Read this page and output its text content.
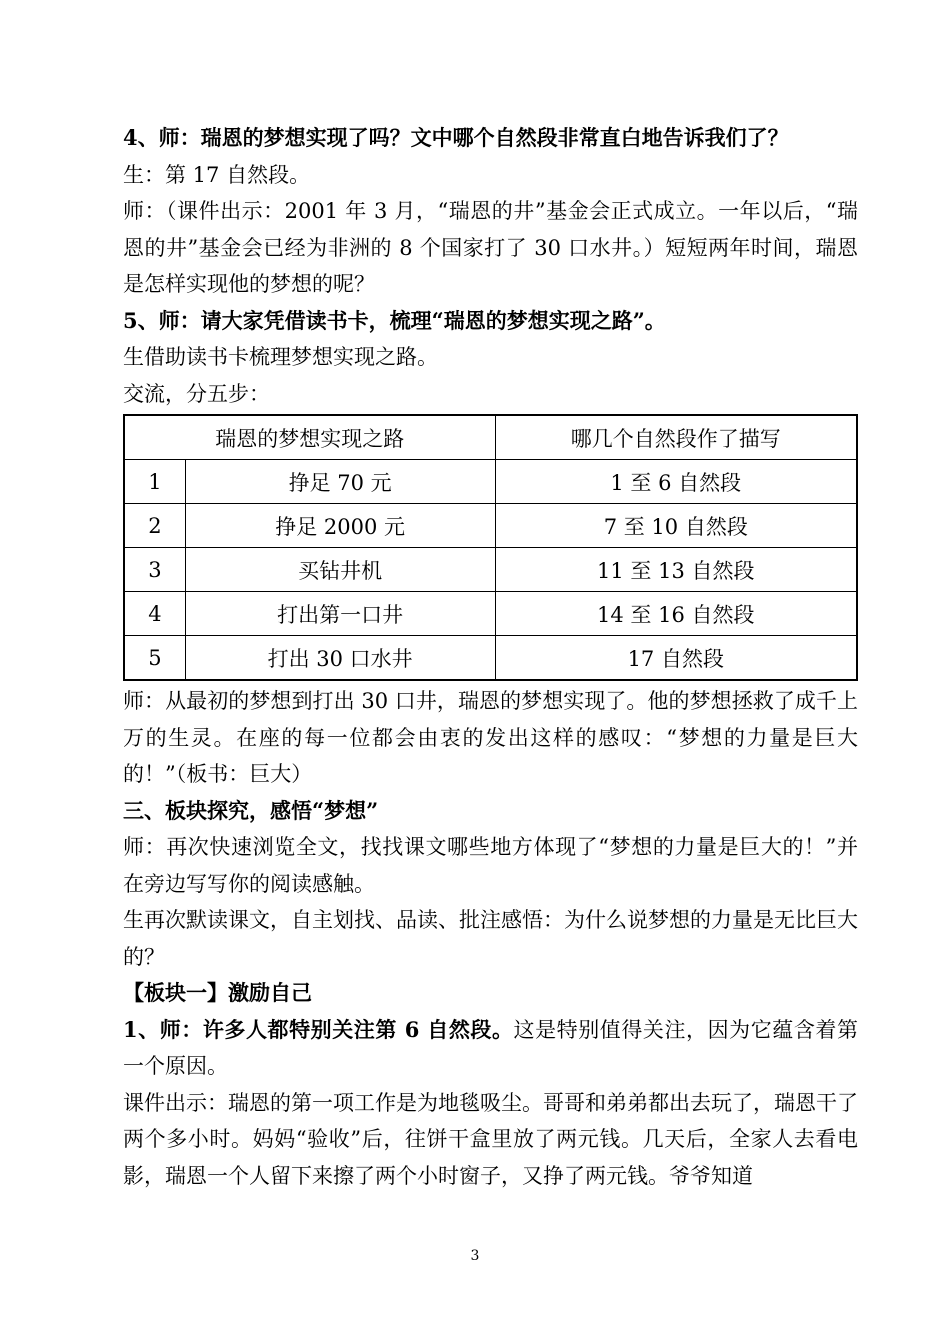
4、师：瑞恩的梦想实现了吗？文中哪个自然段非常直白地告诉我们了？

生：第 17 自然段。

师：（课件出示：2001 年 3 月，“瑞恩的井”基金会正式成立。一年以后，“瑞恩的井”基金会已经为非洲的 8 个国家打了 30 口水井。）短短两年时间，瑞恩是怎样实现他的梦想的呢？

5、师：请大家凭借读书卡，梳理“瑞恩的梦想实现之路”。

生借助读书卡梳理梦想实现之路。

交流，分五步：

瑞恩的梦想实现之路		哪几个自然段作了描写
1	挣足 70 元	1 至 6 自然段
2	挣足 2000 元	7 至 10 自然段
3	买钻井机	11 至 13 自然段
4	打出第一口井	14 至 16 自然段
5	打出 30 口水井	17 自然段

师：从最初的梦想到打出 30 口井，瑞恩的梦想实现了。他的梦想拯救了成千上万的生灵。在座的每一位都会由衷的发出这样的感叹：“梦想的力量是巨大的！”（板书：巨大）

三、板块探究，感悟“梦想”

师：再次快速浏览全文，找找课文哪些地方体现了“梦想的力量是巨大的！”并在旁边写写你的阅读感触。

生再次默读课文，自主划找、品读、批注感悟：为什么说梦想的力量是无比巨大的？

【板块一】激励自己

1、师：许多人都特别关注第 6 自然段。这是特别值得关注，因为它蕴含着第一个原因。

课件出示：瑞恩的第一项工作是为地毯吸尘。哥哥和弟弟都出去玩了，瑞恩干了两个多小时。妈妈“验收”后，往饼干盒里放了两元钱。几天后，全家人去看电影，瑞恩一个人留下来擦了两个小时窗子，又挣了两元钱。爷爷知道

3
